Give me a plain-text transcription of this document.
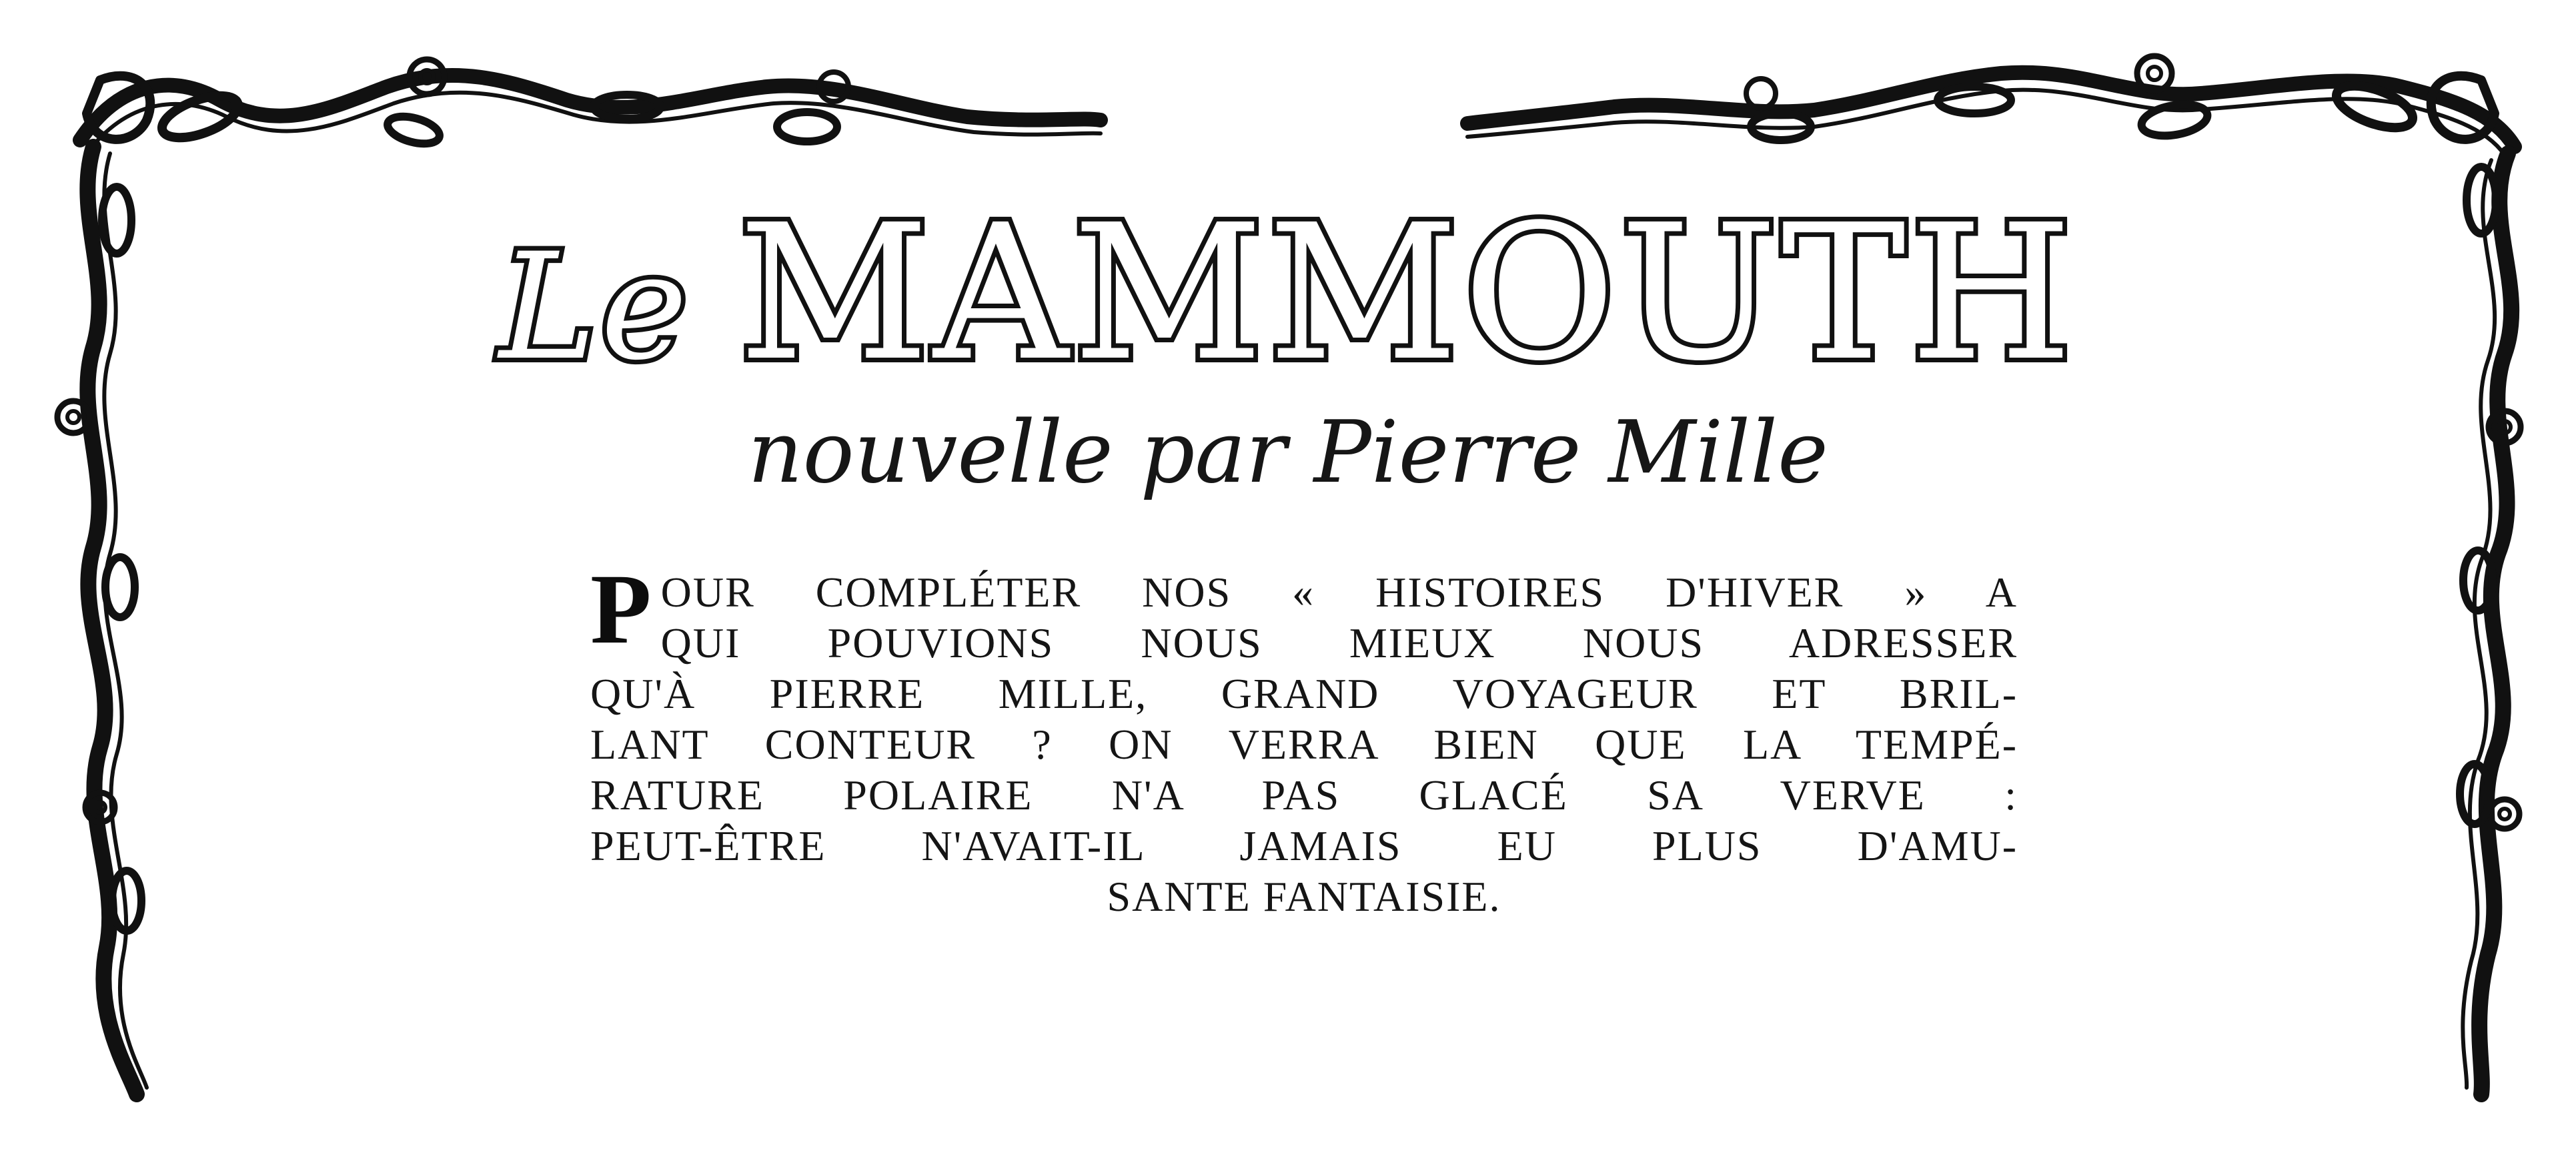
Le MAMMOUTH
nouvelle par Pierre Mille
P OUR COMPLÉTER NOS « HISTOIRES D'HIVER » A
QUI POUVIONS NOUS MIEUX NOUS ADRESSER
QU'À PIERRE MILLE, GRAND VOYAGEUR ET BRIL-
LANT CONTEUR ? ON VERRA BIEN QUE LA TEMPÉ-
RATURE POLAIRE N'A PAS GLACÉ SA VERVE :
PEUT-ÊTRE N'AVAIT-IL JAMAIS EU PLUS D'AMU-
SANTE FANTAISIE.
